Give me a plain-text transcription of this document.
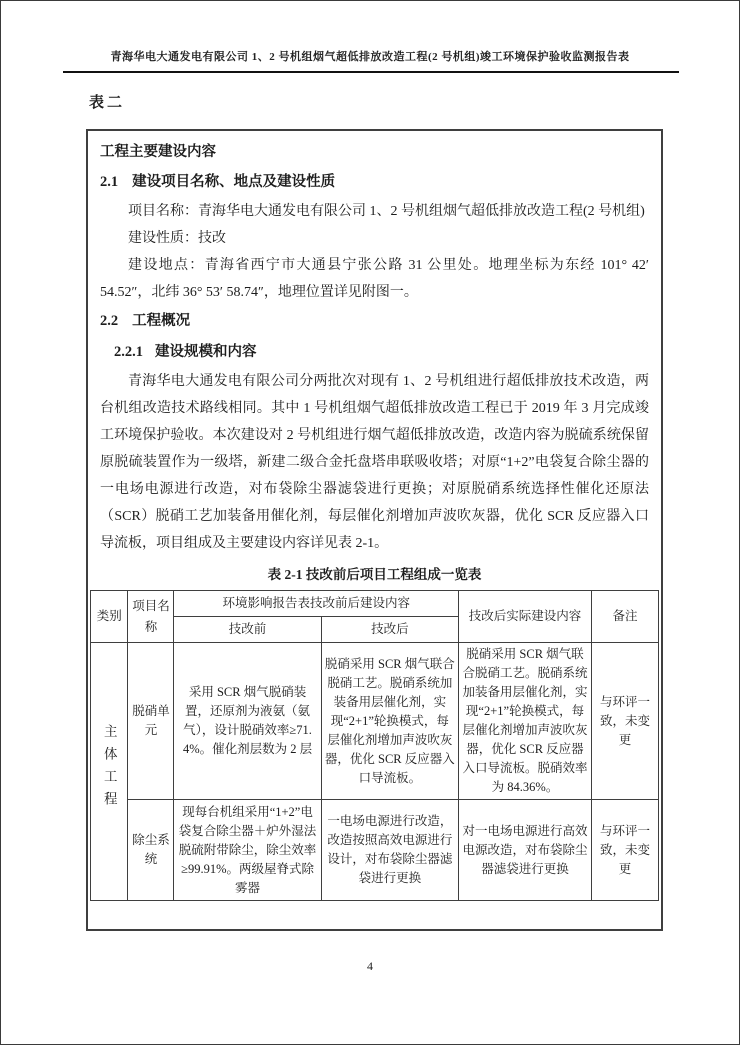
青海华电大通发电有限公司 1、2 号机组烟气超低排放改造工程(2 号机组)竣工环境保护验收监测报告表
表二
工程主要建设内容
2.1 建设项目名称、地点及建设性质

项目名称：青海华电大通发电有限公司 1、2 号机组烟气超低排放改造工程(2 号机组)

建设性质：技改

建设地点：青海省西宁市大通县宁张公路 31 公里处。地理坐标为东经 101° 42′ 54.52″，北纬 36° 53′ 58.74″，地理位置详见附图一。

2.2 工程概况
2.2.1 建设规模和内容

青海华电大通发电有限公司分两批次对现有 1、2 号机组进行超低排放技术改造，两台机组改造技术路线相同。其中 1 号机组烟气超低排放改造工程已于 2019 年 3 月完成竣工环境保护验收。本次建设对 2 号机组进行烟气超低排放改造，改造内容为脱硫系统保留原脱硫装置作为一级塔，新建二级合金托盘塔串联吸收塔；对原“1+2”电袋复合除尘器的一电场电源进行改造，对布袋除尘器滤袋进行更换；对原脱硝系统选择性催化还原法（SCR）脱硝工艺加装备用催化剂，每层催化剂增加声波吹灰器，优化 SCR 反应器入口导流板，项目组成及主要建设内容详见表 2-1。

表 2-1 技改前后项目工程组成一览表
类别	项目名称	环境影响报告表技改前后建设内容		技改后实际建设内容	备注
		技改前	技改后		
主体工程	脱硝单元	采用 SCR 烟气脱硝装置，还原剂为液氨（氨气），设计脱硝效率≥71.4%。催化剂层数为 2 层	脱硝采用 SCR 烟气联合脱硝工艺。脱硝系统加装备用层催化剂，实现“2+1”轮换模式，每层催化剂增加声波吹灰器，优化 SCR 反应器入口导流板。	脱硝采用 SCR 烟气联合脱硝工艺。脱硝系统加装备用层催化剂，实现“2+1”轮换模式，每层催化剂增加声波吹灰器，优化 SCR 反应器入口导流板。脱硝效率为 84.36%。	与环评一致，未变更
	除尘系统	现每台机组采用“1+2”电袋复合除尘器＋炉外湿法脱硫附带除尘，除尘效率≥99.91%。两级屋脊式除雾器	一电场电源进行改造，改造按照高效电源进行设计，对布袋除尘器滤袋进行更换	对一电场电源进行高效电源改造，对布袋除尘器滤袋进行更换	与环评一致，未变更
4
